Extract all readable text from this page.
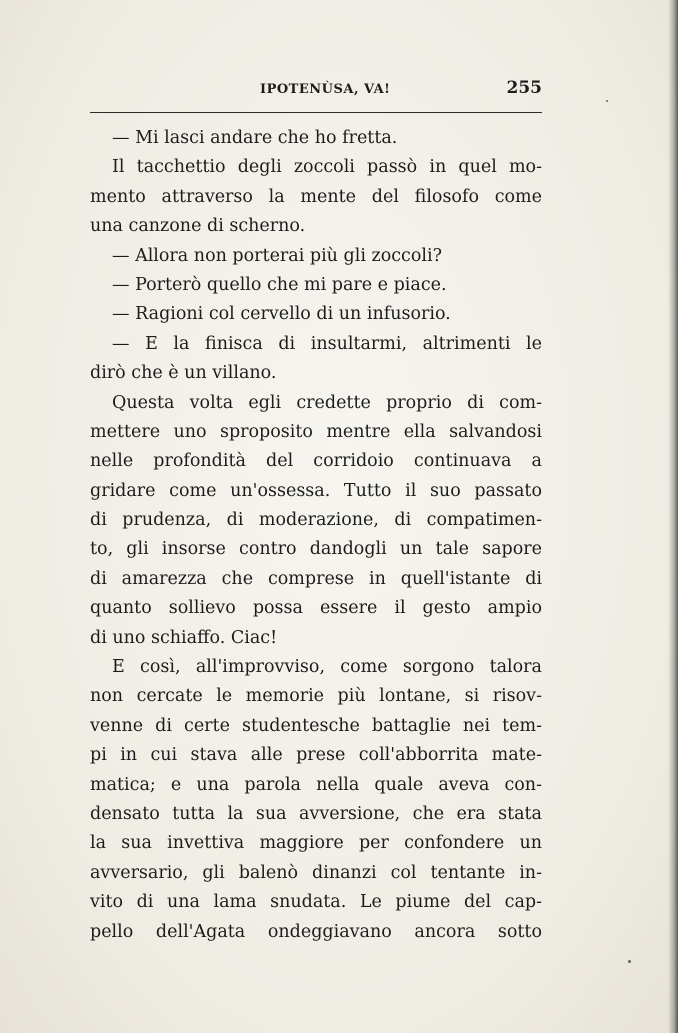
IPOTENÙSA, VA!	255
— Mi lasci andare che ho fretta.
Il tacchettio degli zoccoli passò in quel mo-
mento attraverso la mente del filosofo come
una canzone di scherno.
— Allora non porterai più gli zoccoli?
— Porterò quello che mi pare e piace.
— Ragioni col cervello di un infusorio.
— E la finisca di insultarmi, altrimenti le
dirò che è un villano.
Questa volta egli credette proprio di com-
mettere uno sproposito mentre ella salvandosi
nelle profondità del corridoio continuava a
gridare come un'ossessa. Tutto il suo passato
di prudenza, di moderazione, di compatimen-
to, gli insorse contro dandogli un tale sapore
di amarezza che comprese in quell'istante di
quanto sollievo possa essere il gesto ampio
di uno schiaffo. Ciac!
E così, all'improvviso, come sorgono talora
non cercate le memorie più lontane, si risov-
venne di certe studentesche battaglie nei tem-
pi in cui stava alle prese coll'abborrita mate-
matica; e una parola nella quale aveva con-
densato tutta la sua avversione, che era stata
la sua invettiva maggiore per confondere un
avversario, gli balenò dinanzi col tentante in-
vito di una lama snudata. Le piume del cap-
pello dell'Agata ondeggiavano ancora sotto
